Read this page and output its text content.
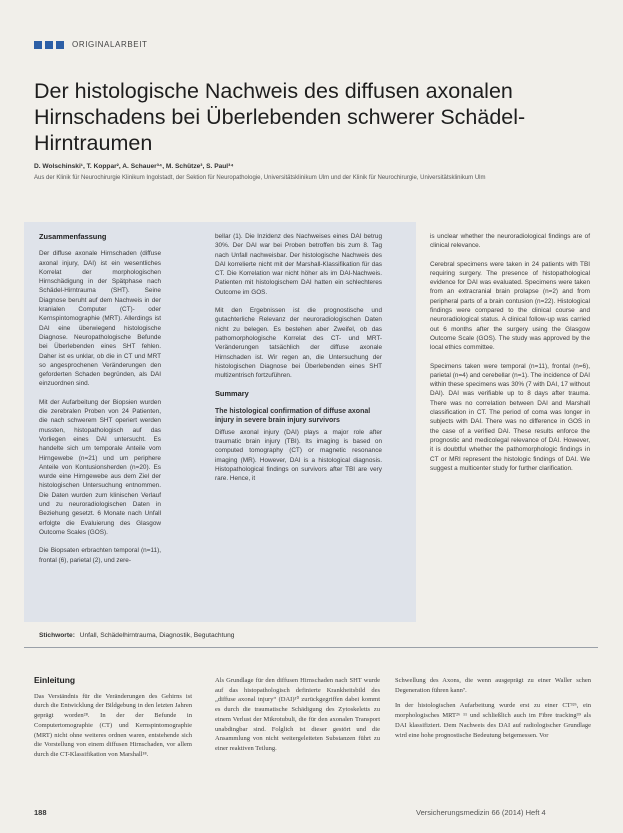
ORIGINALARBEIT
Der histologische Nachweis des diffusen axonalen Hirnschadens bei Überlebenden schwerer Schädel-Hirntraumen
D. Wolschinski¹, T. Koppar², A. Schauer³⁴, M. Schütze³, S. Paul³⁴
Aus der Klinik für Neurochirurgie Klinikum Ingolstadt, der Sektion für Neuropathologie, Universitätsklinikum Ulm und der Klinik für Neurochirurgie, Universitätsklinikum Ulm
Zusammenfassung

Der diffuse axonale Hirnschaden (diffuse axonal injury, DAI) ist ein wesentliches Korrelat der morphologischen Hirnschädigung in der Spätphase nach Schädel-Hirntrauma (SHT). Seine Diagnose beruht auf dem Nachweis in der kranialen Computer (CT)- oder Kernspintomographie (MRT). Allerdings ist DAI eine überwiegend histologische Diagnose. Neuropathologische Befunde bei Überlebenden eines SHT fehlen. Daher ist es unklar, ob die in CT und MRT so angesprochenen Veränderungen den geforderten Schaden begründen, als DAI einzuordnen sind.

Mit der Aufarbeitung der Biopsien wurden die zerebralen Proben von 24 Patienten, die nach schwerem SHT operiert werden mussten, histopathologisch auf das Vorliegen eines DAI untersucht. Es handelte sich um temporale Anteile vom Hirngewebe (n=21) und um periphere Anteile von Kontusionsherden (n=20). Es wurde eine Hirngewebe aus dem Ziel der histologischen Untersuchung entnommen. Die Daten wurden zum klinischen Verlauf und zu neuroradiologischen Daten in Beziehung gesetzt. 6 Monate nach Unfall erfolgte die Evaluierung des Glasgow Outcome Scales (GOS).

Die Biopsaten erbrachten temporal (n=11), frontal (6), parietal (2), und zere-

bellar (1). Die Inzidenz des Nachweises eines DAI betrug 30%. Der DAI war bei Proben betroffen bis zum 8. Tag nach Unfall nachweisbar. Der histologische Nachweis des DAI korrelierte nicht mit der Marshall-Klassifikation für das CT. Die Korrelation war nicht höher als im DAI-Nachweis. Patienten mit histologischem DAI hatten ein schlechteres Outcome im GOS.

Mit den Ergebnissen ist die prognostische und gutachterliche Relevanz der neuroradiologischen Daten nicht zu belegen. Es bestehen aber Zweifel, ob das pathomorphologische Korrelat des CT- und MRT-Veränderungen tatsächlich der diffuse axonale Hirnschaden ist. Wir regen an, die Untersuchung der histologischen Diagnose bei Überlebenden eines SHT multizentrisch fortzuführen.

Summary
The histological confirmation of diffuse axonal injury in severe brain injury survivors

Diffuse axonal injury (DAI) plays a major role after traumatic brain injury (TBI). Its imaging is based on computed tomography (CT) or magnetic resonance imaging (MR). However, DAI is a histological diagnosis. Histopathological findings on survivors after TBI are very rare. Hence, it

is unclear whether the neuroradiological findings are of clinical relevance.

Cerebral specimens were taken in 24 patients with TBI requiring surgery. The presence of histopathological evidence for DAI was evaluated. Specimens were taken from an extracranial brain prolapse (n=2) and from peripheral parts of a brain contusion (n=22). Histological findings were compared to the clinical course and neuroradiological status. A clinical follow-up was carried out 6 months after the surgery using the Glasgow Outcome Scale (GOS). The study was approved by the local ethics committee.

Specimens taken were temporal (n=11), frontal (n=6), parietal (n=4) and cerebellar (n=1). The incidence of DAI within these specimens was 30% (7 with DAI, 17 without DAI). DAI was verifiable up to 8 days after trauma. There was no correlation between DAI and Marshall classification in CT. The period of coma was longer in subjects with DAI. There was no difference in GOS in the case of a verified DAI. These results enforce the prognostic and medicolegal relevance of DAI. However, it is doubtful whether the pathomorphologic findings in CT or MRI represent the histologic findings of DAI. We suggest a multicenter study for further clarification.

Stichworte: Unfall, Schädelhirntrauma, Diagnostik, Begutachtung
Einleitung

Das Verständnis für die Veränderungen des Gehirns ist durch die Entwicklung der Bildgebung in den letzten Jahren geprägt worden²⁸. In der der Befunde in Computertomographie (CT) und Kernspintomographie (MRT) nicht ohne weiteres ordnen waren, entstehende sich die Vorstellung von einem diffusen Hirnschaden, vor allem durch die CT-Klassifikation von Marshall¹⁸.

Als Grundlage für den diffusen Hirnschaden nach SHT wurde auf das histopathologisch definierte Krankheitsbild des „diffuse axonal injury“ (DAI)¹⁰ zurückgegriffen dabei kommt es durch die traumatische Schädigung des Zytoskeletts zu einem Verlust der Mikrotubuli, die für den axonalen Transport unabdingbar sind. Folglich ist dieser gestört und die Ansammlung von nicht weitergeleiteten Substanzen führt zu einer reaktiven Teilung.

Schwellung des Axons, die wenn ausgeprägt zu einer Waller schen Degeneration führen kann⁷.

In der histologischen Aufarbeitung wurde erst zu einer CT³²⁶, ein morphologisches MRT²⁶ ¹¹ und schließlich auch im Fibre tracking³⁹ als DAI klassifiziert. Dem Nachweis des DAI auf radiologischer Grundlage wird eine hohe prognostische Bedeutung beigemessen. Vor

188	Versicherungsmedizin 66 (2014) Heft 4
